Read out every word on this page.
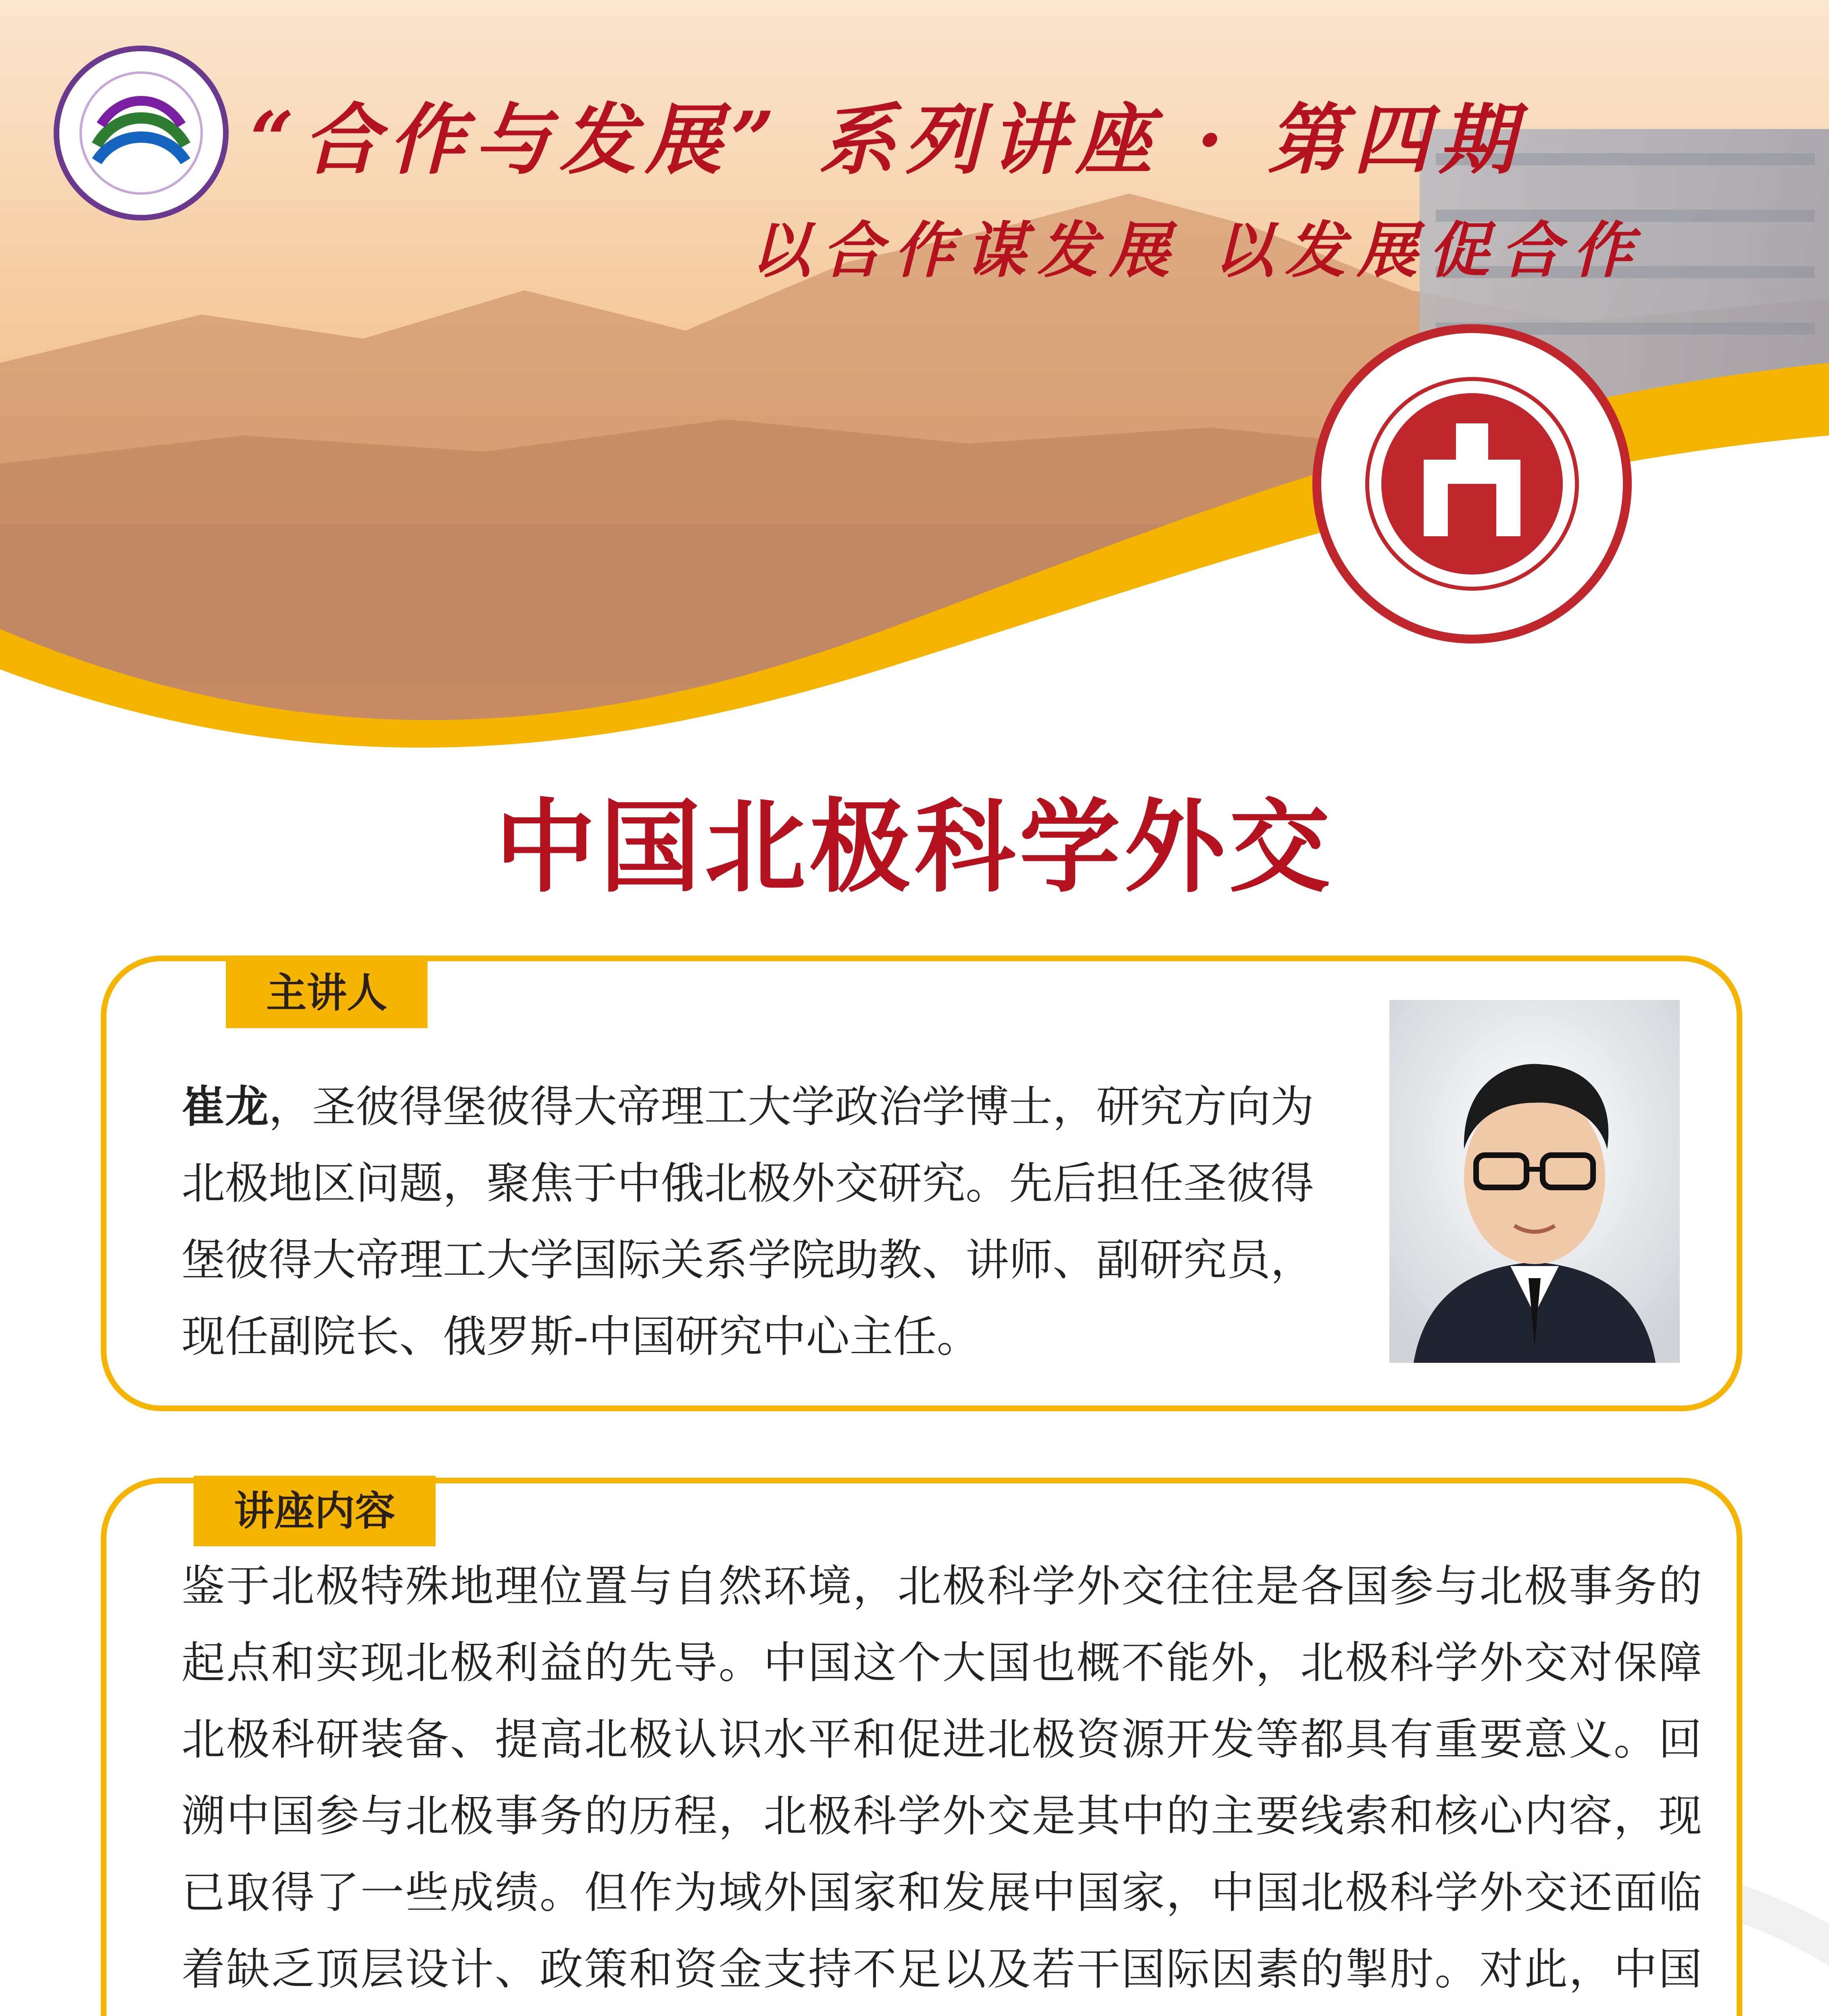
“合作与发展” 系列讲座 · 第四期
以合作谋发展 以发展促合作
中国北极科学外交
主讲人
崔龙，圣彼得堡彼得大帝理工大学政治学博士，研究方向为北极地区问题，聚焦于中俄北极外交研究。先后担任圣彼得堡彼得大帝理工大学国际关系学院助教、讲师、副研究员，现任副院长、俄罗斯-中国研究中心主任。
讲座内容
鉴于北极特殊地理位置与自然环境，北极科学外交往往是各国参与北极事务的起点和实现北极利益的先导。中国这个大国也概不能外，北极科学外交对保障北极科研装备、提高北极认识水平和促进北极资源开发等都具有重要意义。回溯中国参与北极事务的历程，北极科学外交是其中的主要线索和核心内容，现已取得了一些成绩。但作为域外国家和发展中国家，中国北极科学外交还面临着缺乏顶层设计、政策和资金支持不足以及若干国际因素的掣肘。对此，中国
